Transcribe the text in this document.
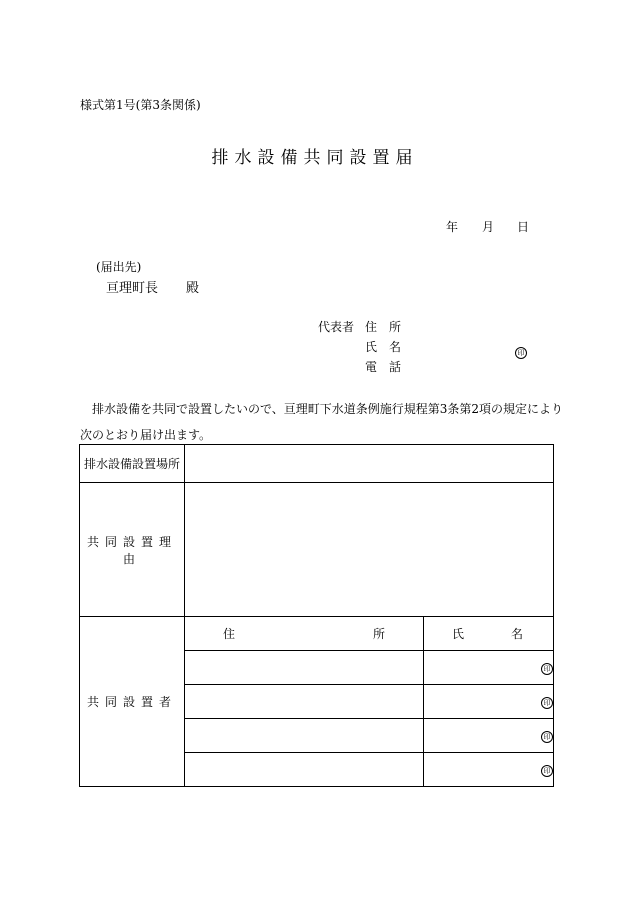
様式第1号(第3条関係)
排水設備共同設置届
年 月 日
(届出先)
亘理町長 殿
代表者 住　所
氏　名	印
電　話
排水設備を共同で設置したいので、亘理町下水道条例施行規程第3条第2項の規定により
次のとおり届け出ます。
排水設備設置場所		
共同設置理由		
共同設置者	住 所	氏 名

		印
		印
		印
		印
